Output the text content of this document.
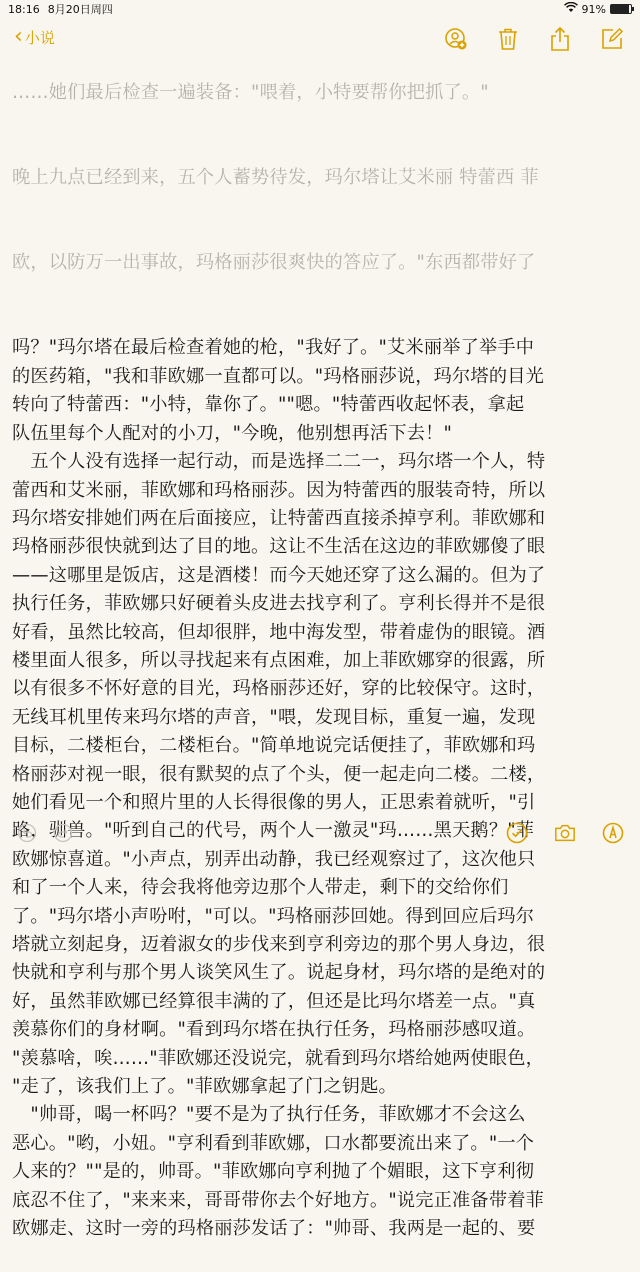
18:16 8月20日周四	91%
‹ 小说

……她们最后检查一遍装备："喂着，小特要帮你把抓了。"

晚上九点已经到来，五个人蓄势待发，玛尔塔让艾米丽 特蕾西 菲

欧，以防万一出事故，玛格丽莎很爽快的答应了。"东西都带好了

吗？"玛尔塔在最后检查着她的枪，"我好了。"艾米丽举了举手中

的医药箱，"我和菲欧娜一直都可以。"玛格丽莎说，玛尔塔的目光

转向了特蕾西："小特，靠你了。""嗯。"特蕾西收起怀表，拿起

队伍里每个人配对的小刀，"今晚，他别想再活下去！"

　五个人没有选择一起行动，而是选择二二一，玛尔塔一个人，特

蕾西和艾米丽，菲欧娜和玛格丽莎。因为特蕾西的服装奇特，所以

玛尔塔安排她们两在后面接应，让特蕾西直接杀掉亨利。菲欧娜和

玛格丽莎很快就到达了目的地。这让不生活在这边的菲欧娜傻了眼

——这哪里是饭店，这是酒楼！而今天她还穿了这么漏的。但为了

执行任务，菲欧娜只好硬着头皮进去找亨利了。亨利长得并不是很

好看，虽然比较高，但却很胖，地中海发型，带着虚伪的眼镜。酒

楼里面人很多，所以寻找起来有点困难，加上菲欧娜穿的很露，所

以有很多不怀好意的目光，玛格丽莎还好，穿的比较保守。这时，

无线耳机里传来玛尔塔的声音，"喂，发现目标，重复一遍，发现

目标，二楼柜台，二楼柜台。"简单地说完话便挂了，菲欧娜和玛

格丽莎对视一眼，很有默契的点了个头，便一起走向二楼。二楼，

她们看见一个和照片里的人长得很像的男人，正思索着就听，"引

路，驯兽。"听到自己的代号，两个人一激灵"玛……黑天鹅？"菲

欧娜惊喜道。"小声点，别弄出动静，我已经观察过了，这次他只

和了一个人来，待会我将他旁边那个人带走，剩下的交给你们

了。"玛尔塔小声吩咐，"可以。"玛格丽莎回她。得到回应后玛尔

塔就立刻起身，迈着淑女的步伐来到亨利旁边的那个男人身边，很

快就和亨利与那个男人谈笑风生了。说起身材，玛尔塔的是绝对的

好，虽然菲欧娜已经算很丰满的了，但还是比玛尔塔差一点。"真

羡慕你们的身材啊。"看到玛尔塔在执行任务，玛格丽莎感叹道。

"羡慕啥，唉……"菲欧娜还没说完，就看到玛尔塔给她两使眼色，

"走了，该我们上了。"菲欧娜拿起了门之钥匙。

　"帅哥，喝一杯吗？"要不是为了执行任务，菲欧娜才不会这么

恶心。"哟，小妞。"亨利看到菲欧娜，口水都要流出来了。"一个

人来的？""是的，帅哥。"菲欧娜向亨利抛了个媚眼，这下亨利彻

底忍不住了，"来来来，哥哥带你去个好地方。"说完正准备带着菲

欧娜走、这时一旁的玛格丽莎发话了："帅哥、我两是一起的、要
